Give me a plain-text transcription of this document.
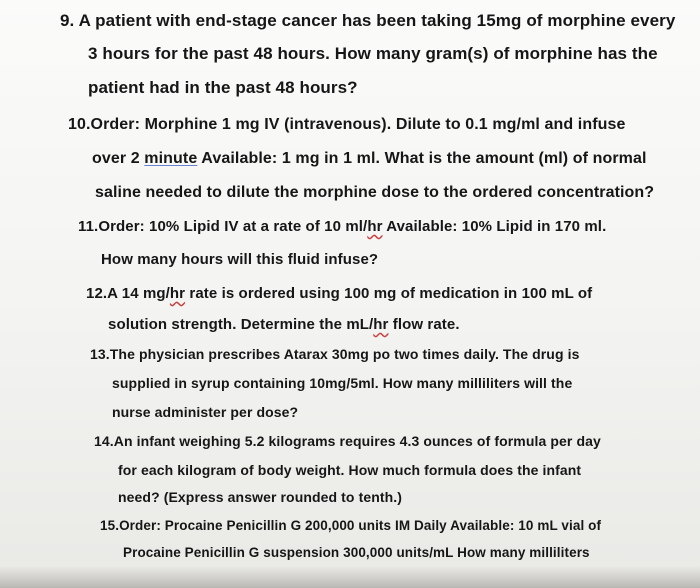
9. A patient with end-stage cancer has been taking 15mg of morphine every
3 hours for the past 48 hours. How many gram(s) of morphine has the
patient had in the past 48 hours?
10.Order: Morphine 1 mg IV (intravenous). Dilute to 0.1 mg/ml and infuse
over 2 minute Available: 1 mg in 1 ml. What is the amount (ml) of normal
saline needed to dilute the morphine dose to the ordered concentration?
11.Order: 10% Lipid IV at a rate of 10 ml/hr Available: 10% Lipid in 170 ml.
How many hours will this fluid infuse?
12.A 14 mg/hr rate is ordered using 100 mg of medication in 100 mL of
solution strength. Determine the mL/hr flow rate.
13.The physician prescribes Atarax 30mg po two times daily. The drug is
supplied in syrup containing 10mg/5ml. How many milliliters will the
nurse administer per dose?
14.An infant weighing 5.2 kilograms requires 4.3 ounces of formula per day
for each kilogram of body weight. How much formula does the infant
need? (Express answer rounded to tenth.)
15.Order: Procaine Penicillin G 200,000 units IM Daily Available: 10 mL vial of
Procaine Penicillin G suspension 300,000 units/mL How many milliliters
